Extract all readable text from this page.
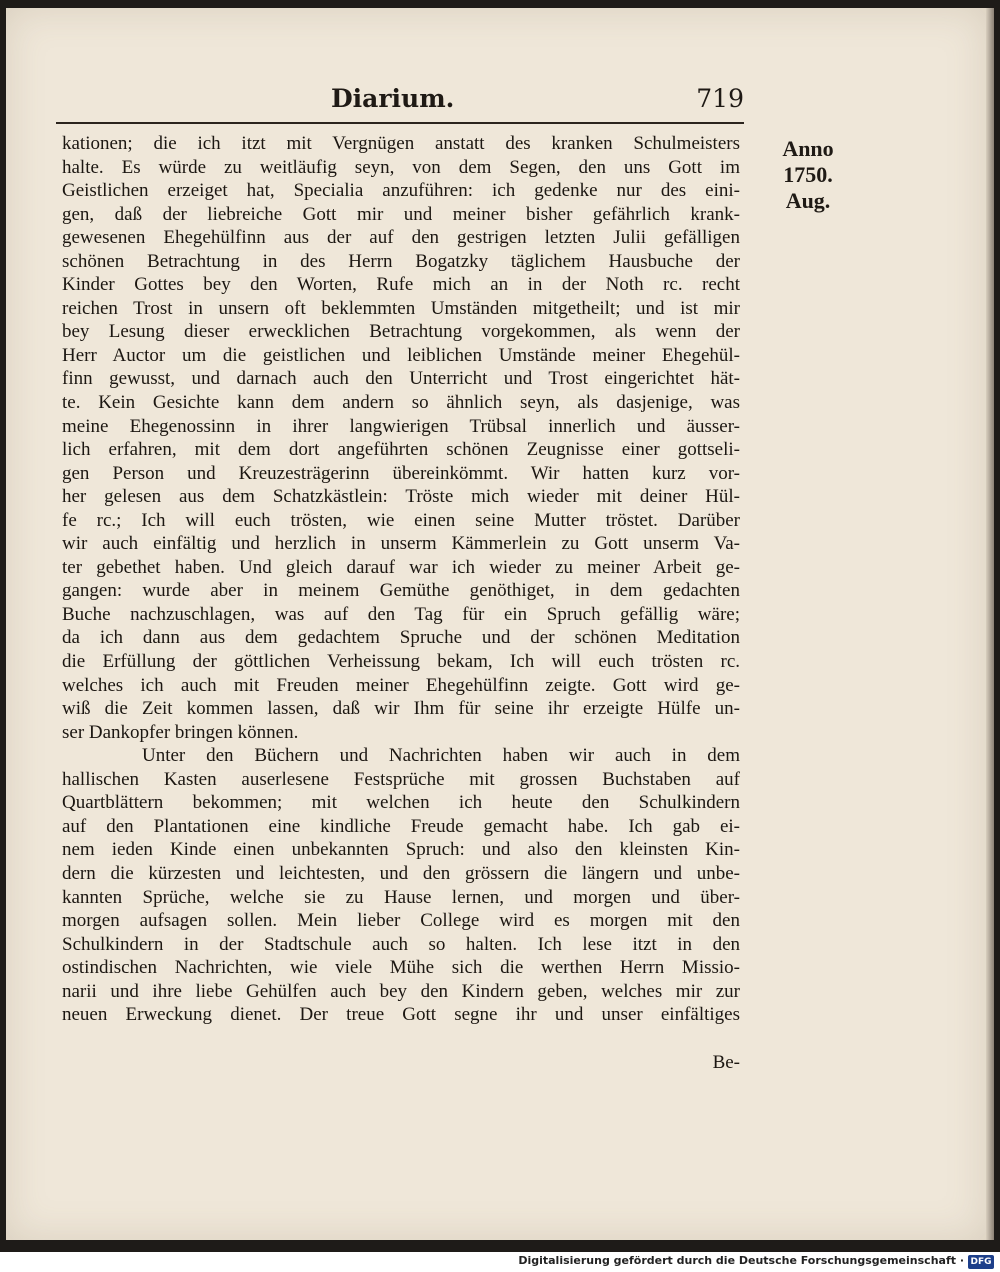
Diarium.	719
Anno
1750.
Aug.
kationen; die ich itzt mit Vergnügen anstatt des kranken Schulmeisters
halte. Es würde zu weitläufig seyn, von dem Segen, den uns Gott im
Geistlichen erzeiget hat, Specialia anzuführen: ich gedenke nur des eini-
gen, daß der liebreiche Gott mir und meiner bisher gefährlich krank-
gewesenen Ehegehülfinn aus der auf den gestrigen letzten Julii gefälligen
schönen Betrachtung in des Herrn Bogatzky täglichem Hausbuche der
Kinder Gottes bey den Worten, Rufe mich an in der Noth rc. recht
reichen Trost in unsern oft beklemmten Umständen mitgetheilt; und ist mir
bey Lesung dieser erwecklichen Betrachtung vorgekommen, als wenn der
Herr Auctor um die geistlichen und leiblichen Umstände meiner Ehegehül-
finn gewusst, und darnach auch den Unterricht und Trost eingerichtet hät-
te. Kein Gesichte kann dem andern so ähnlich seyn, als dasjenige, was
meine Ehegenossinn in ihrer langwierigen Trübsal innerlich und äusser-
lich erfahren, mit dem dort angeführten schönen Zeugnisse einer gottseli-
gen Person und Kreuzesträgerinn übereinkömmt. Wir hatten kurz vor-
her gelesen aus dem Schatzkästlein: Tröste mich wieder mit deiner Hül-
fe rc.; Ich will euch trösten, wie einen seine Mutter tröstet. Darüber
wir auch einfältig und herzlich in unserm Kämmerlein zu Gott unserm Va-
ter gebethet haben. Und gleich darauf war ich wieder zu meiner Arbeit ge-
gangen: wurde aber in meinem Gemüthe genöthiget, in dem gedachten
Buche nachzuschlagen, was auf den Tag für ein Spruch gefällig wäre;
da ich dann aus dem gedachtem Spruche und der schönen Meditation
die Erfüllung der göttlichen Verheissung bekam, Ich will euch trösten rc.
welches ich auch mit Freuden meiner Ehegehülfinn zeigte. Gott wird ge-
wiß die Zeit kommen lassen, daß wir Ihm für seine ihr erzeigte Hülfe un-
ser Dankopfer bringen können.
Unter den Büchern und Nachrichten haben wir auch in dem
hallischen Kasten auserlesene Festsprüche mit grossen Buchstaben auf
Quartblättern bekommen; mit welchen ich heute den Schulkindern
auf den Plantationen eine kindliche Freude gemacht habe. Ich gab ei-
nem ieden Kinde einen unbekannten Spruch: und also den kleinsten Kin-
dern die kürzesten und leichtesten, und den grössern die längern und unbe-
kannten Sprüche, welche sie zu Hause lernen, und morgen und über-
morgen aufsagen sollen. Mein lieber College wird es morgen mit den
Schulkindern in der Stadtschule auch so halten. Ich lese itzt in den
ostindischen Nachrichten, wie viele Mühe sich die werthen Herrn Missio-
narii und ihre liebe Gehülfen auch bey den Kindern geben, welches mir zur
neuen Erweckung dienet. Der treue Gott segne ihr und unser einfältiges
Be-
Digitalisierung gefördert durch die Deutsche Forschungsgemeinschaft · DFG
